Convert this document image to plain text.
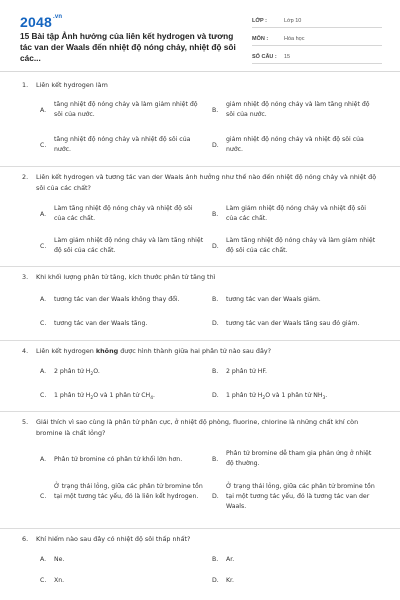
$2048^{.vn}$
15 Bài tập Ảnh hưởng của liên kết hydrogen và tương tác van der Waals đến nhiệt độ nóng chảy, nhiệt độ sôi các...
LỚP :	Lớp 10
MÔN :	Hóa học
SỐ CÂU :	15
1. Liên kết hydrogen làm
A.
tăng nhiệt độ nóng chảy và làm giảm nhiệt độ sôi của nước.
B.
giảm nhiệt độ nóng chảy và làm tăng nhiệt độ sôi của nước.
C.
tăng nhiệt độ nóng chảy và nhiệt độ sôi của nước.
D.
giảm nhiệt độ nóng chảy và nhiệt độ sôi của nước.
2. Liên kết hydrogen và tương tác van der Waals ảnh hưởng như thế nào đến nhiệt độ nóng chảy và nhiệt độ sôi của các chất?
A.
Làm tăng nhiệt độ nóng chảy và nhiệt độ sôi của các chất.
B.
Làm giảm nhiệt độ nóng chảy và nhiệt độ sôi của các chất.
C.
Làm giảm nhiệt độ nóng chảy và làm tăng nhiệt độ sôi của các chất.
D.
Làm tăng nhiệt độ nóng chảy và làm giảm nhiệt độ sôi của các chất.
3. Khi khối lượng phân tử tăng, kích thước phân tử tăng thì
A. tương tác van der Waals không thay đổi.	B. tương tác van der Waals giảm.
C. tương tác van der Waals tăng.	D. tương tác van der Waals tăng sau đó giảm.
4. Liên kết hydrogen không được hình thành giữa hai phân tử nào sau đây?
A. 2 phân tử $H_2O$.	B. 2 phân tử HF.
C. 1 phân tử $H_2O$ và 1 phân tử $CH_4$.	D. 1 phân tử $H_2O$ và 1 phân tử $NH_3$.
5. Giải thích vì sao cùng là phân tử phân cực, ở nhiệt độ phòng, fluorine, chlorine là những chất khí còn bromine là chất lỏng?
A. Phân tử bromine có phân tử khối lớn hơn.	B.
Phân tử bromine dễ tham gia phản ứng ở nhiệt độ thường.
C.
Ở trạng thái lỏng, giữa các phân tử bromine tồn tại một tương tác yếu, đó là liên kết hydrogen.	D.
Ở trạng thái lỏng, giữa các phân tử bromine tồn tại một tương tác yếu, đó là tương tác van der Waals.
6. Khí hiếm nào sau đây có nhiệt độ sôi thấp nhất?
A. Ne.	B. Ar.
C. Xn.	D. Kr.
